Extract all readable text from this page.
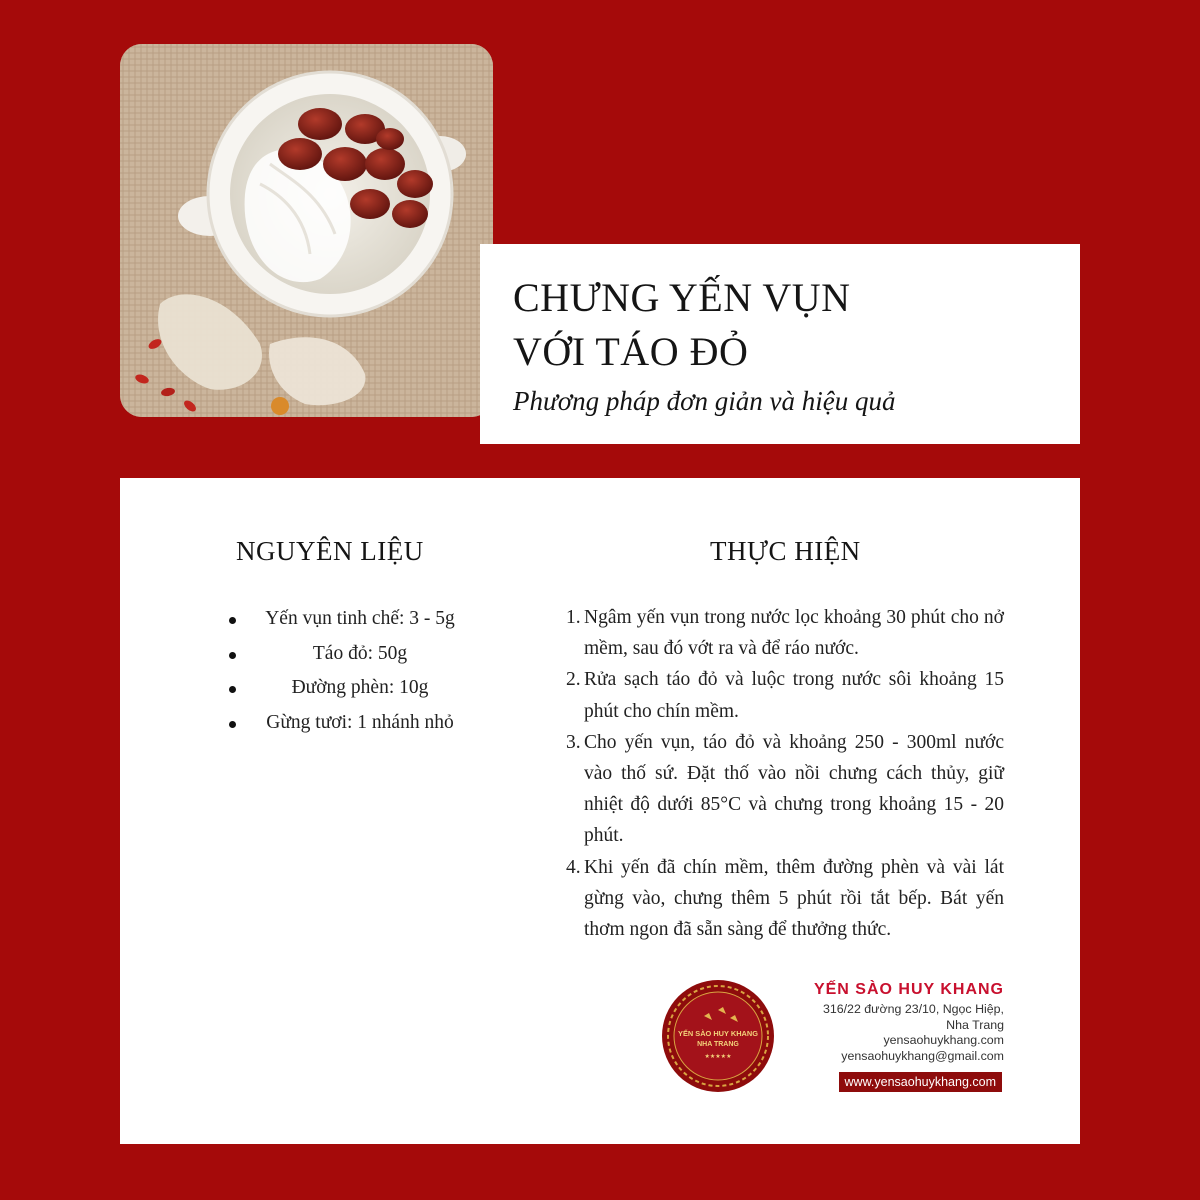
CHƯNG YẾN VỤN
VỚI TÁO ĐỎ

Phương pháp đơn giản và hiệu quả

NGUYÊN LIỆU	THỰC HIỆN
Yến vụn tinh chế: 3 - 5g
Táo đỏ: 50g
Đường phèn: 10g
Gừng tươi: 1 nhánh nhỏ
1. Ngâm yến vụn trong nước lọc khoảng 30 phút cho nở mềm, sau đó vớt ra và để ráo nước.
2. Rửa sạch táo đỏ và luộc trong nước sôi khoảng 15 phút cho chín mềm.
3. Cho yến vụn, táo đỏ và khoảng 250 - 300ml nước vào thố sứ. Đặt thố vào nồi chưng cách thủy, giữ nhiệt độ dưới 85°C và chưng trong khoảng 15 - 20 phút.
4. Khi yến đã chín mềm, thêm đường phèn và vài lát gừng vào, chưng thêm 5 phút rồi tắt bếp. Bát yến thơm ngon đã sẵn sàng để thưởng thức.
YẾN SÀO HUY KHANG
NHA TRANG
★★★★★

YẾN SÀO HUY KHANG

316/22 đường 23/10, Ngọc Hiệp,
Nha Trang
yensaohuykhang.com
yensaohuykhang@gmail.com
www.yensaohuykhang.com
